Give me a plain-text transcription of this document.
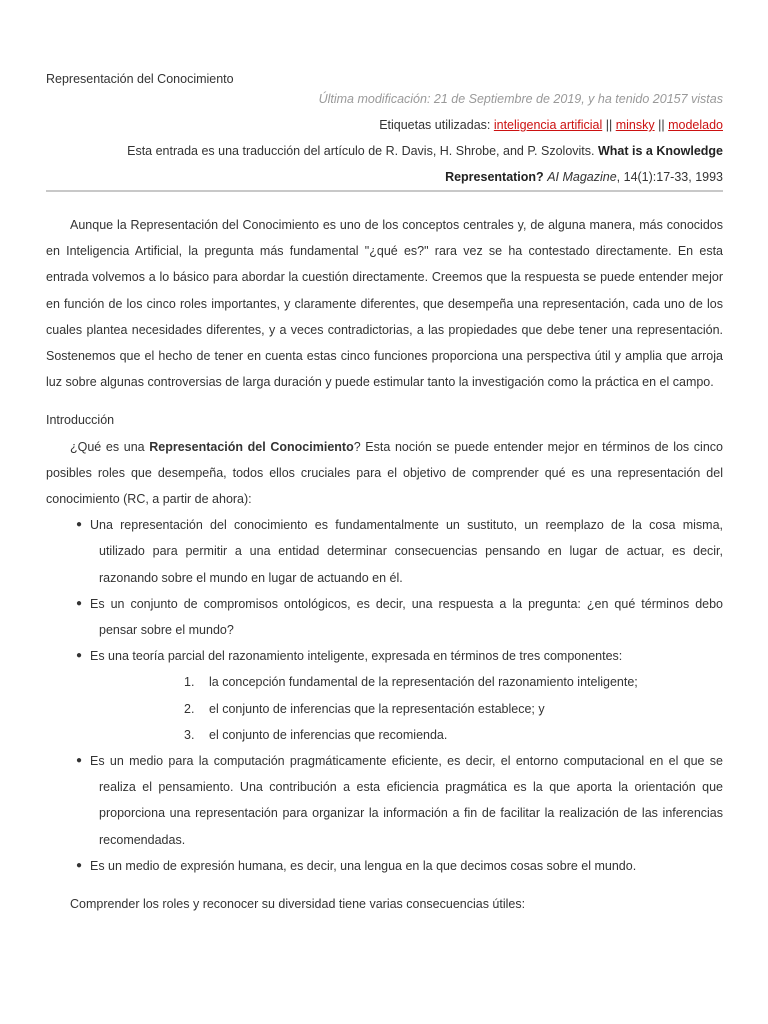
Representación del Conocimiento
Última modificación: 21 de Septiembre de 2019, y ha tenido 20157 vistas
Etiquetas utilizadas: inteligencia artificial || minsky || modelado
Esta entrada es una traducción del artículo de R. Davis, H. Shrobe, and P. Szolovits. What is a Knowledge
Representation? AI Magazine, 14(1):17-33, 1993

Aunque la Representación del Conocimiento es uno de los conceptos centrales y, de alguna manera, más conocidos en Inteligencia Artificial, la pregunta más fundamental "¿qué es?" rara vez se ha contestado directamente. En esta entrada volvemos a lo básico para abordar la cuestión directamente. Creemos que la respuesta se puede entender mejor en función de los cinco roles importantes, y claramente diferentes, que desempeña una representación, cada uno de los cuales plantea necesidades diferentes, y a veces contradictorias, a las propiedades que debe tener una representación. Sostenemos que el hecho de tener en cuenta estas cinco funciones proporciona una perspectiva útil y amplia que arroja luz sobre algunas controversias de larga duración y puede estimular tanto la investigación como la práctica en el campo.

Introducción

¿Qué es una Representación del Conocimiento? Esta noción se puede entender mejor en términos de los cinco posibles roles que desempeña, todos ellos cruciales para el objetivo de comprender qué es una representación del conocimiento (RC, a partir de ahora):

● Una representación del conocimiento es fundamentalmente un sustituto, un reemplazo de la cosa misma, utilizado para permitir a una entidad determinar consecuencias pensando en lugar de actuar, es decir, razonando sobre el mundo en lugar de actuando en él.
● Es un conjunto de compromisos ontológicos, es decir, una respuesta a la pregunta: ¿en qué términos debo pensar sobre el mundo?
● Es una teoría parcial del razonamiento inteligente, expresada en términos de tres componentes:
1. la concepción fundamental de la representación del razonamiento inteligente;
2. el conjunto de inferencias que la representación establece; y
3. el conjunto de inferencias que recomienda.
● Es un medio para la computación pragmáticamente eficiente, es decir, el entorno computacional en el que se realiza el pensamiento. Una contribución a esta eficiencia pragmática es la que aporta la orientación que proporciona una representación para organizar la información a fin de facilitar la realización de las inferencias recomendadas.
● Es un medio de expresión humana, es decir, una lengua en la que decimos cosas sobre el mundo.

Comprender los roles y reconocer su diversidad tiene varias consecuencias útiles:
